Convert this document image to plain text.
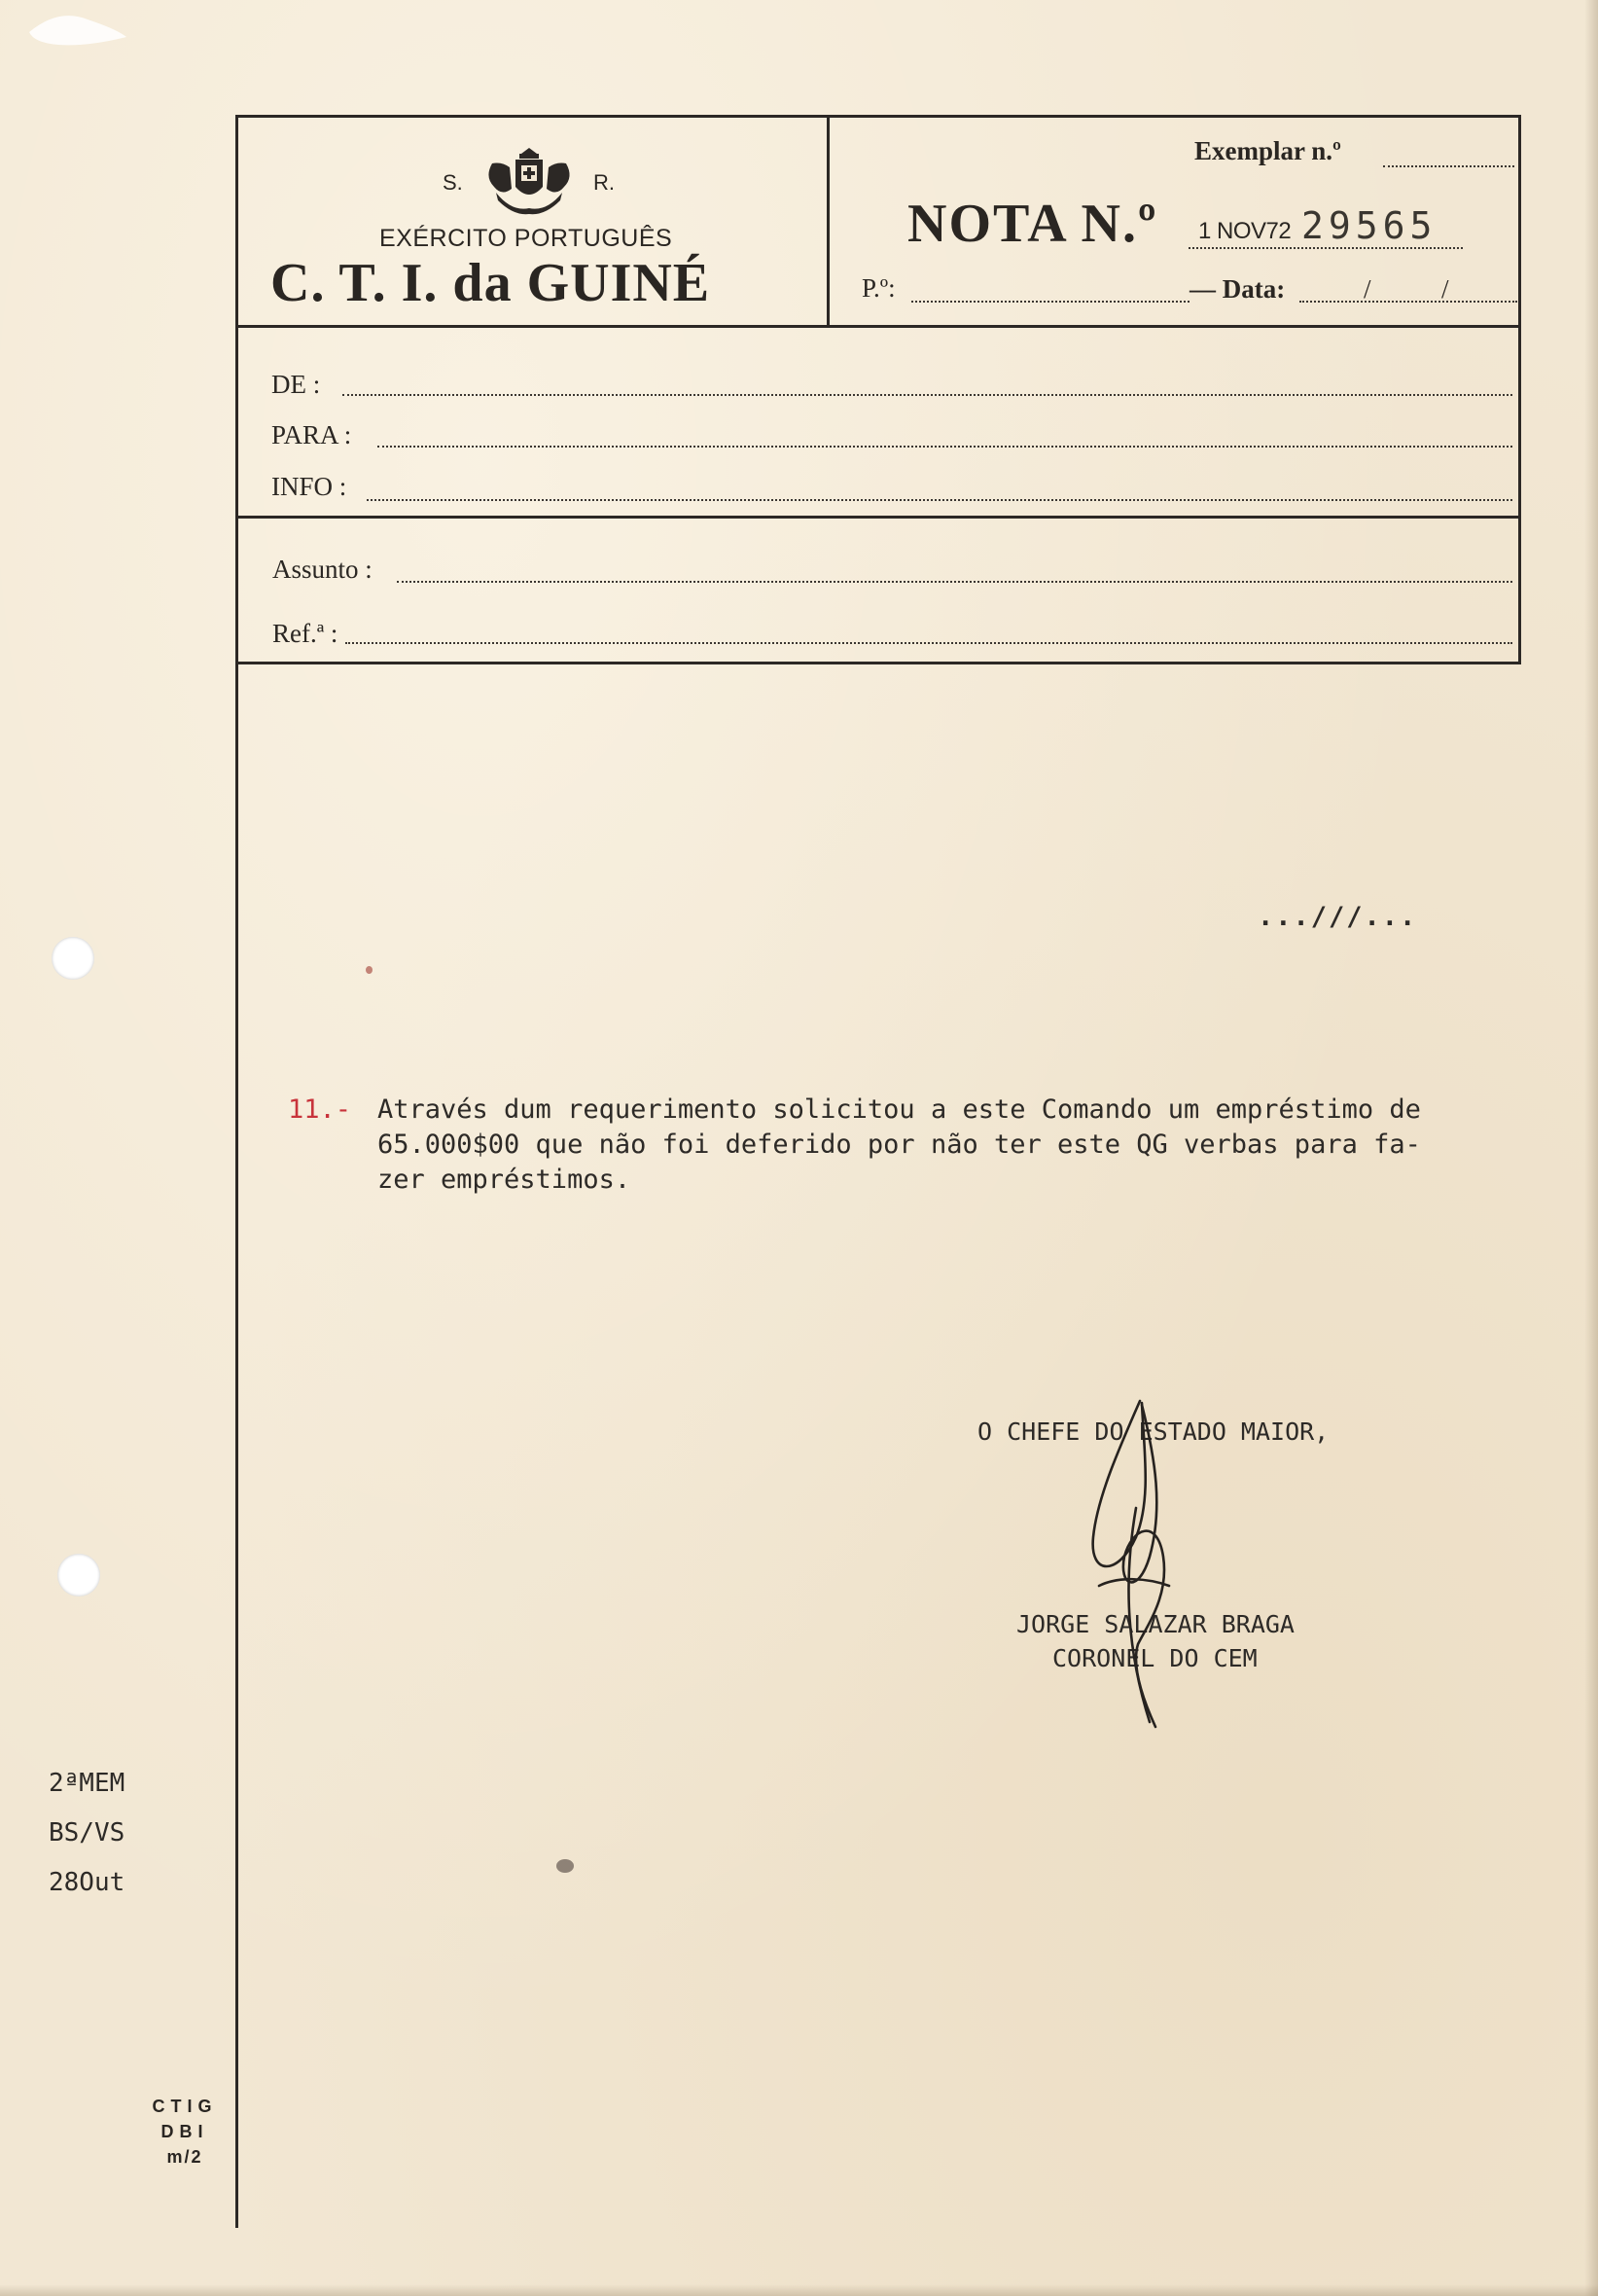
S.	R.
EXÉRCITO PORTUGUÊS
C. T. I. da GUINÉ
Exemplar n.º
NOTA N.º 1 NOV72 29565
P.º:	— Data:	/	/
DE :
PARA :
INFO :
Assunto :
Ref.ª :
...///...
11.- Através dum requerimento solicitou a este Comando um empréstimo de
65.000$00 que não foi deferido por não ter este QG verbas para fa-
zer empréstimos.
O CHEFE DO ESTADO MAIOR,
JORGE SALAZAR BRAGA
CORONEL DO CEM
2ªMEM
BS/VS
28Out
CTIG
DBI
m/2
